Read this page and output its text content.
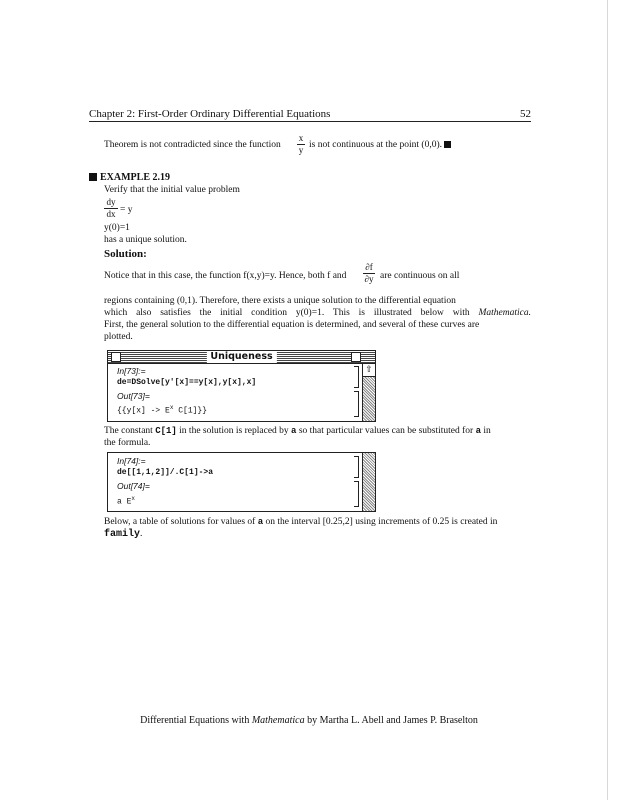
Chapter 2: First-Order Ordinary Differential Equations	52
Theorem is not contradicted since the function
x
y is not continuous at the point (0,0).
EXAMPLE 2.19
Verify that the initial value problem
dy
dx = y
y(0)=1
has a unique solution.
Solution:
Notice that in this case, the function f(x,y)=y. Hence, both f and
∂f
∂y are continuous on all
regions containing (0,1). Therefore, there exists a unique solution to the differential equation
which also satisfies the initial condition y(0)=1. This is illustrated below with Mathematica.
First, the general solution to the differential equation is determined, and several of these curves are
plotted.
Uniqueness
⇧
In[73]:=
de=DSolve[y'[x]==y[x],y[x],x]
Out[73]=
{{$y[x] -> E^x$ C[1]}}
The constant C[1] in the solution is replaced by a so that particular values can be substituted for a in
the formula.
In[74]:=
de[[1,1,2]]/.C[1]->a
Out[74]=
a $E^x$
Below, a table of solutions for values of a on the interval [0.25,2] using increments of 0.25 is created in
family.
Differential Equations with Mathematica by Martha L. Abell and James P. Braselton
